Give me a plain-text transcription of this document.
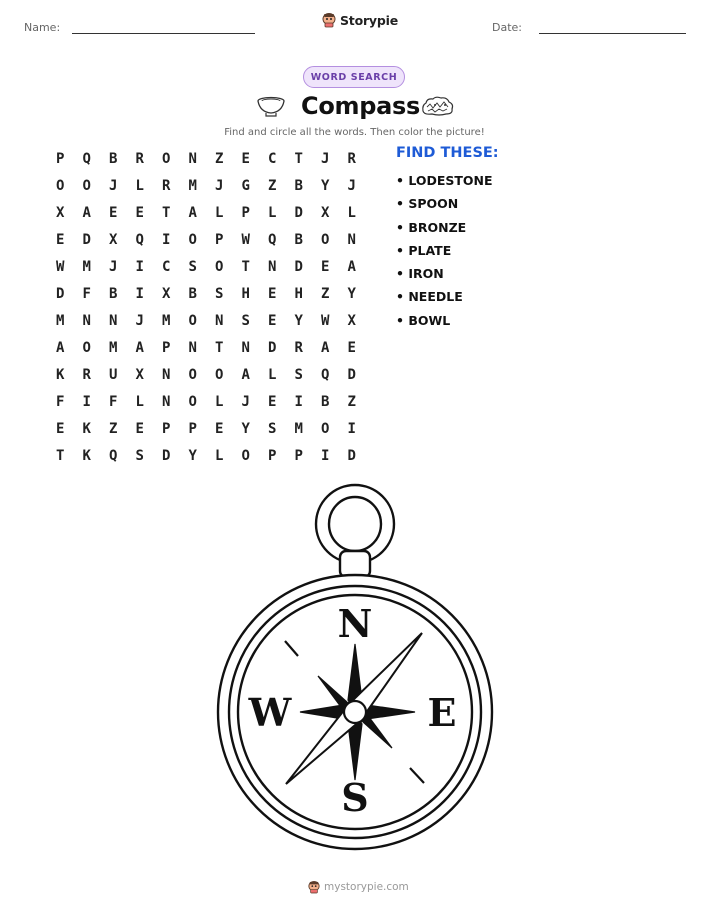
Name:	Storypie	Date:
WORD SEARCH
Compass
Find and circle all the words. Then color the picture!
P	Q	B	R	O	N	Z	E	C	T	J	R
O	O	J	L	R	M	J	G	Z	B	Y	J
X	A	E	E	T	A	L	P	L	D	X	L
E	D	X	Q	I	O	P	W	Q	B	O	N
W	M	J	I	C	S	O	T	N	D	E	A
D	F	B	I	X	B	S	H	E	H	Z	Y
M	N	N	J	M	O	N	S	E	Y	W	X
A	O	M	A	P	N	T	N	D	R	A	E
K	R	U	X	N	O	O	A	L	S	Q	D
F	I	F	L	N	O	L	J	E	I	B	Z
E	K	Z	E	P	P	E	Y	S	M	O	I
T	K	Q	S	D	Y	L	O	P	P	I	D
FIND THESE:
• LODESTONE
• SPOON
• BRONZE
• PLATE
• IRON
• NEEDLE
• BOWL
N
S
W	E
mystorypie.com
